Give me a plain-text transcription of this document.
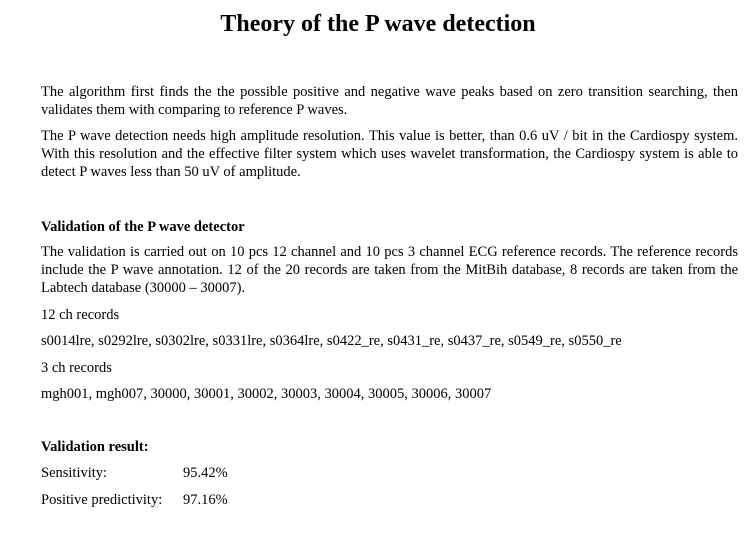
Theory of the P wave detection

The algorithm first finds the the possible positive and negative wave peaks based on zero transition searching, then validates them with comparing to reference P waves.

The P wave detection needs high amplitude resolution. This value is better, than 0.6 uV / bit in the Cardiospy system. With this resolution and the effective filter system which uses wavelet transformation, the Cardiospy system is able to detect P waves less than 50 uV of amplitude.

Validation of the P wave detector

The validation is carried out on 10 pcs 12 channel and 10 pcs 3 channel ECG reference records. The reference records include the P wave annotation. 12 of the 20 records are taken from the MitBih database, 8 records are taken from the Labtech database (30000 – 30007).

12 ch records
s0014lre, s0292lre, s0302lre, s0331lre, s0364lre, s0422_re, s0431_re, s0437_re, s0549_re, s0550_re
3 ch records
mgh001, mgh007, 30000, 30001, 30002, 30003, 30004, 30005, 30006, 30007
Validation result:
Sensitivity:	95.42%
Positive predictivity: 97.16%
